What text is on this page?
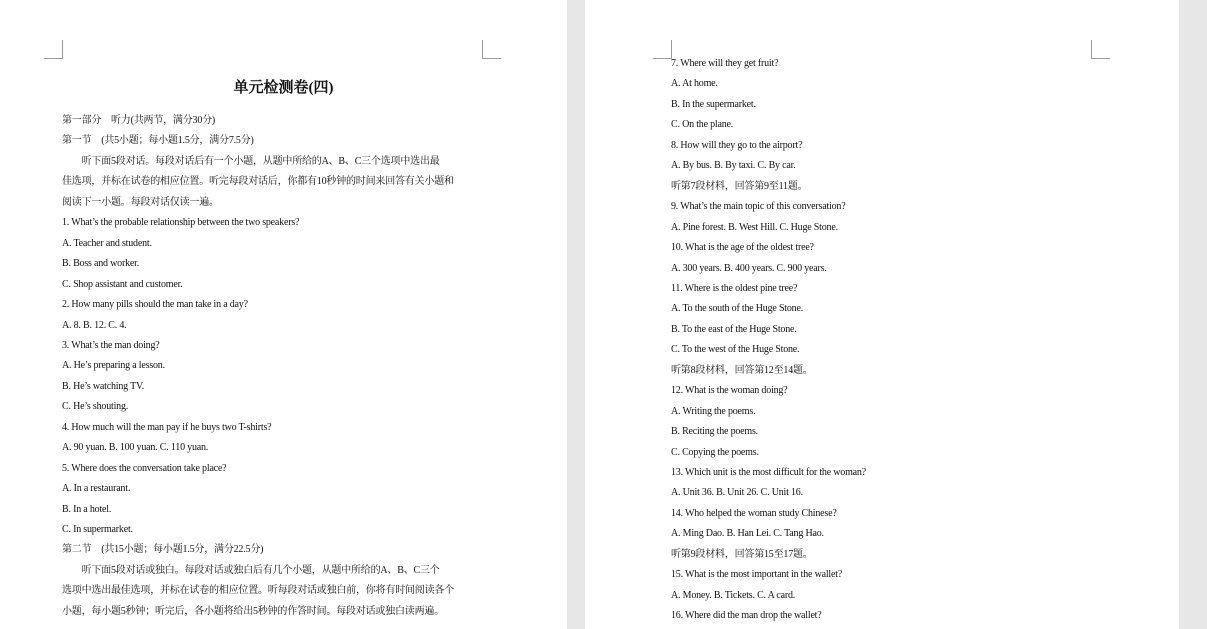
单元检测卷(四)
第一部分　听力(共两节，满分30分)
第一节　(共5小题；每小题1.5分，满分7.5分)
　　听下面5段对话。每段对话后有一个小题，从题中所给的A、B、C三个选项中选出最
佳选项，并标在试卷的相应位置。听完每段对话后，你都有10秒钟的时间来回答有关小题和
阅读下一小题。每段对话仅读一遍。
1. What’s the probable relationship between the two speakers?
A. Teacher and student.
B. Boss and worker.
C. Shop assistant and customer.
2. How many pills should the man take in a day?
A. 8. B. 12. C. 4.
3. What’s the man doing?
A. He’s preparing a lesson.
B. He’s watching TV.
C. He’s shouting.
4. How much will the man pay if he buys two T-shirts?
A. 90 yuan. B. 100 yuan. C. 110 yuan.
5. Where does the conversation take place?
A. In a restaurant.
B. In a hotel.
C. In supermarket.
第二节　(共15小题；每小题1.5分，满分22.5分)
　　听下面5段对话或独白。每段对话或独白后有几个小题，从题中所给的A、B、C三个
选项中选出最佳选项，并标在试卷的相应位置。听每段对话或独白前，你将有时间阅读各个
小题，每小题5秒钟；听完后，各小题将给出5秒钟的作答时间。每段对话或独白读两遍。
7. Where will they get fruit?
A. At home.
B. In the supermarket.
C. On the plane.
8. How will they go to the airport?
A. By bus. B. By taxi. C. By car.
听第7段材料，回答第9至11题。
9. What’s the main topic of this conversation?
A. Pine forest. B. West Hill. C. Huge Stone.
10. What is the age of the oldest tree?
A. 300 years. B. 400 years. C. 900 years.
11. Where is the oldest pine tree?
A. To the south of the Huge Stone.
B. To the east of the Huge Stone.
C. To the west of the Huge Stone.
听第8段材料，回答第12至14题。
12. What is the woman doing?
A. Writing the poems.
B. Reciting the poems.
C. Copying the poems.
13. Which unit is the most difficult for the woman?
A. Unit 36. B. Unit 26. C. Unit 16.
14. Who helped the woman study Chinese?
A. Ming Dao. B. Han Lei. C. Tang Hao.
听第9段材料，回答第15至17题。
15. What is the most important in the wallet?
A. Money. B. Tickets. C. A card.
16. Where did the man drop the wallet?
